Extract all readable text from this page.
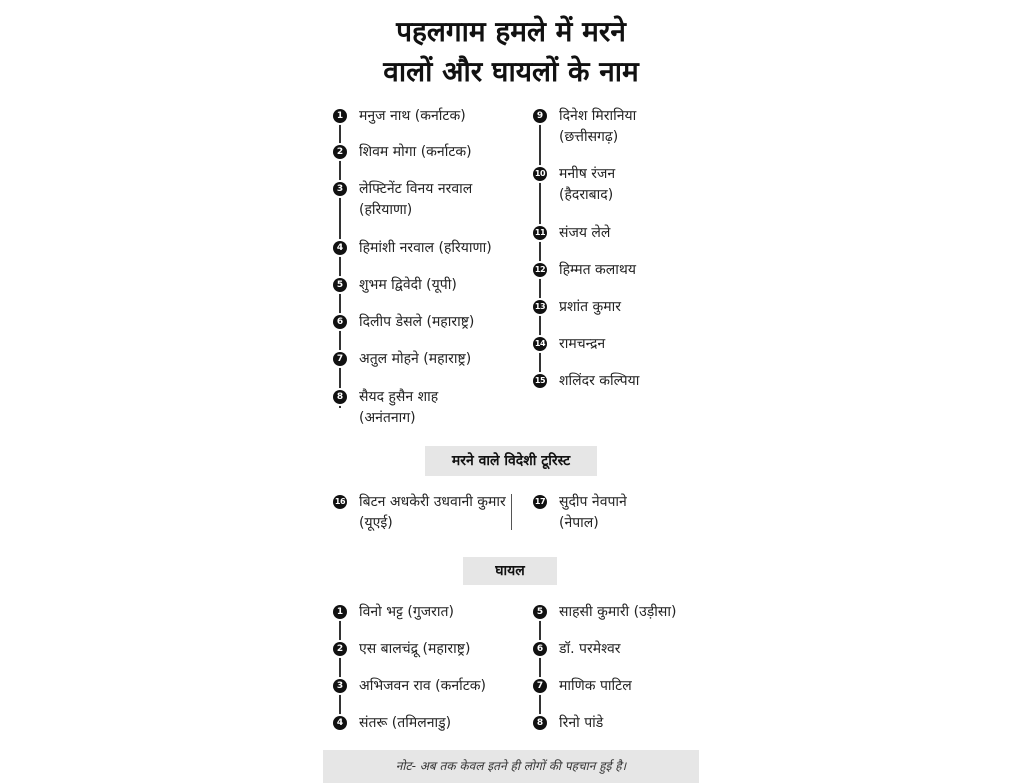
पहलगाम हमले में मरने
वालों और घायलों के नाम
1 मनुज नाथ (कर्नाटक)
2 शिवम मोगा (कर्नाटक)
3 लेफ्टिनेंट विनय नरवाल (हरियाणा)
4 हिमांशी नरवाल (हरियाणा)
5 शुभम द्विवेदी (यूपी)
6 दिलीप डेसले (महाराष्ट्र)
7 अतुल मोहने (महाराष्ट्र)
8 सैयद हुसैन शाह (अनंतनाग)
9 दिनेश मिरानिया (छत्तीसगढ़)
10 मनीष रंजन (हैदराबाद)
11 संजय लेले
12 हिम्मत कलाथय
13 प्रशांत कुमार
14 रामचन्द्रन
15 शलिंदर कल्पिया
मरने वाले विदेशी टूरिस्ट
16 बिटन अधकेरी उधवानी कुमार (यूएई)
17 सुदीप नेवपाने (नेपाल)
घायल
1 विनो भट्ट (गुजरात)
2 एस बालचंद्रू (महाराष्ट्र)
3 अभिजवन राव (कर्नाटक)
4 संतरू (तमिलनाडु)
5 साहसी कुमारी (उड़ीसा)
6 डॉ. परमेश्वर
7 माणिक पाटिल
8 रिनो पांडे
नोट- अब तक केवल इतने ही लोगों की पहचान हुई है।
